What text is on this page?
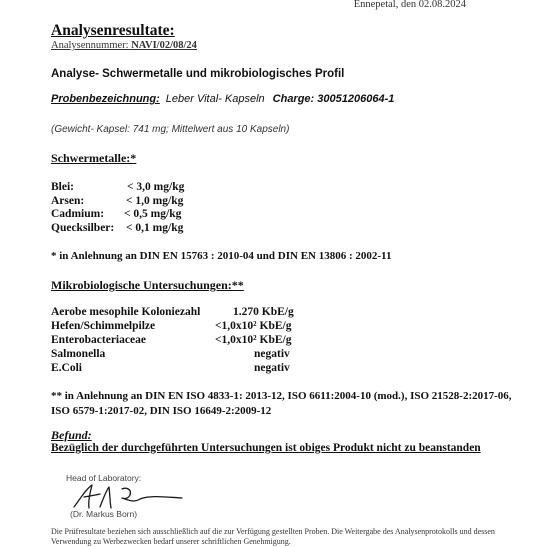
Ennepetal, den 02.08.2024
Analysenresultate:
Analysennummer: NAVI/02/08/24
Analyse- Schwermetalle und mikrobiologisches Profil
Probenbezeichnung: Leber Vital- Kapseln Charge: 30051206064-1
(Gewicht- Kapsel: 741 mg; Mittelwert aus 10 Kapseln)
Schwermetalle:*
Blei:	< 3,0 mg/kg
Arsen:	< 1,0 mg/kg
Cadmium: < 0,5 mg/kg
Quecksilber: < 0,1 mg/kg
* in Anlehnung an DIN EN 15763 : 2010-04 und DIN EN 13806 : 2002-11
Mikrobiologische Untersuchungen:**
Aerobe mesophile Koloniezahl	1.270 KbE/g
Hefen/Schimmelpilze	<1,0x10² KbE/g
Enterobacteriaceae	<1,0x10² KbE/g
Salmonella	negativ
E.Coli	negativ
** in Anlehnung an DIN EN ISO 4833-1: 2013-12, ISO 6611:2004-10 (mod.), ISO 21528-2:2017-06, ISO 6579-1:2017-02, DIN ISO 16649-2:2009-12
Befund:
Bezüglich der durchgeführten Untersuchungen ist obiges Produkt nicht zu beanstanden
Head of Laboratory:
(Dr. Markus Born)
Die Prüfresultate beziehen sich ausschließlich auf die zur Verfügung gestellten Proben. Die Weitergabe des Analysenprotokolls und dessen Verwendung zu Werbezwecken bedarf unserer schriftlichen Genehmigung.
